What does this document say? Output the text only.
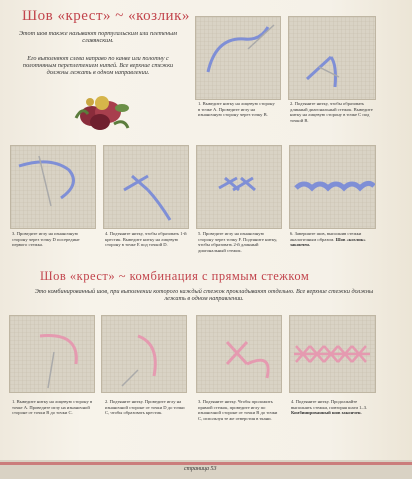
Шов «крест» ~ «козлик»
Этот шов также называют португальским или плетеным славянским.
Его выполняют слева направо по канве или полотну с полотняным переплетением нитей. Все верхние стежки должны лежать в одном направлении.
1. Выведите нитку на лицевую сторону в точке A. Проведите иглу на изнаночную сторону через точку B.
2. Подтяните нитку, чтобы образовать длинный диагональный стежок. Выведите нитку на лицевую сторону в точке C под точкой B.
3. Проведите иглу на изнаночную сторону через точку D посередине первого стежка.
4. Подтяните нитку, чтобы образовать 1-й крестик. Выведите нитку на лицевую сторону в точке E под точкой D.
5. Проведите иглу на изнаночную сторону через точку F. Подтяните нитку, чтобы образовать 2-й длинный диагональный стежок.
6. Завершите шов, выполнив стежки аналогичным образом. Шов «козлик» закончен.
Шов «крест» ~ комбинация с прямым стежком
Это комбинированный шов, при выполнении которого каждый стежок прокладывают отдельно. Все верхние стежки должны лежать в одном направлении.
1. Выведите нитку на лицевую сторону в точке A. Проведите иглу на изнаночной стороне от точки B до точки C.
2. Подтяните нитку. Проведите иглу на изнаночной стороне от точки D до точки C, чтобы образовать крестик.
3. Подтяните нитку. Чтобы проложить прямой стежок, проведите иглу по изнаночной стороне от точки B до точки C, используя те же отверстия в ткани.
4. Подтяните нитку. Продолжайте выполнять стежки, повторяя шаги 1–3. Комбинированный шов закончен.
страница 53
